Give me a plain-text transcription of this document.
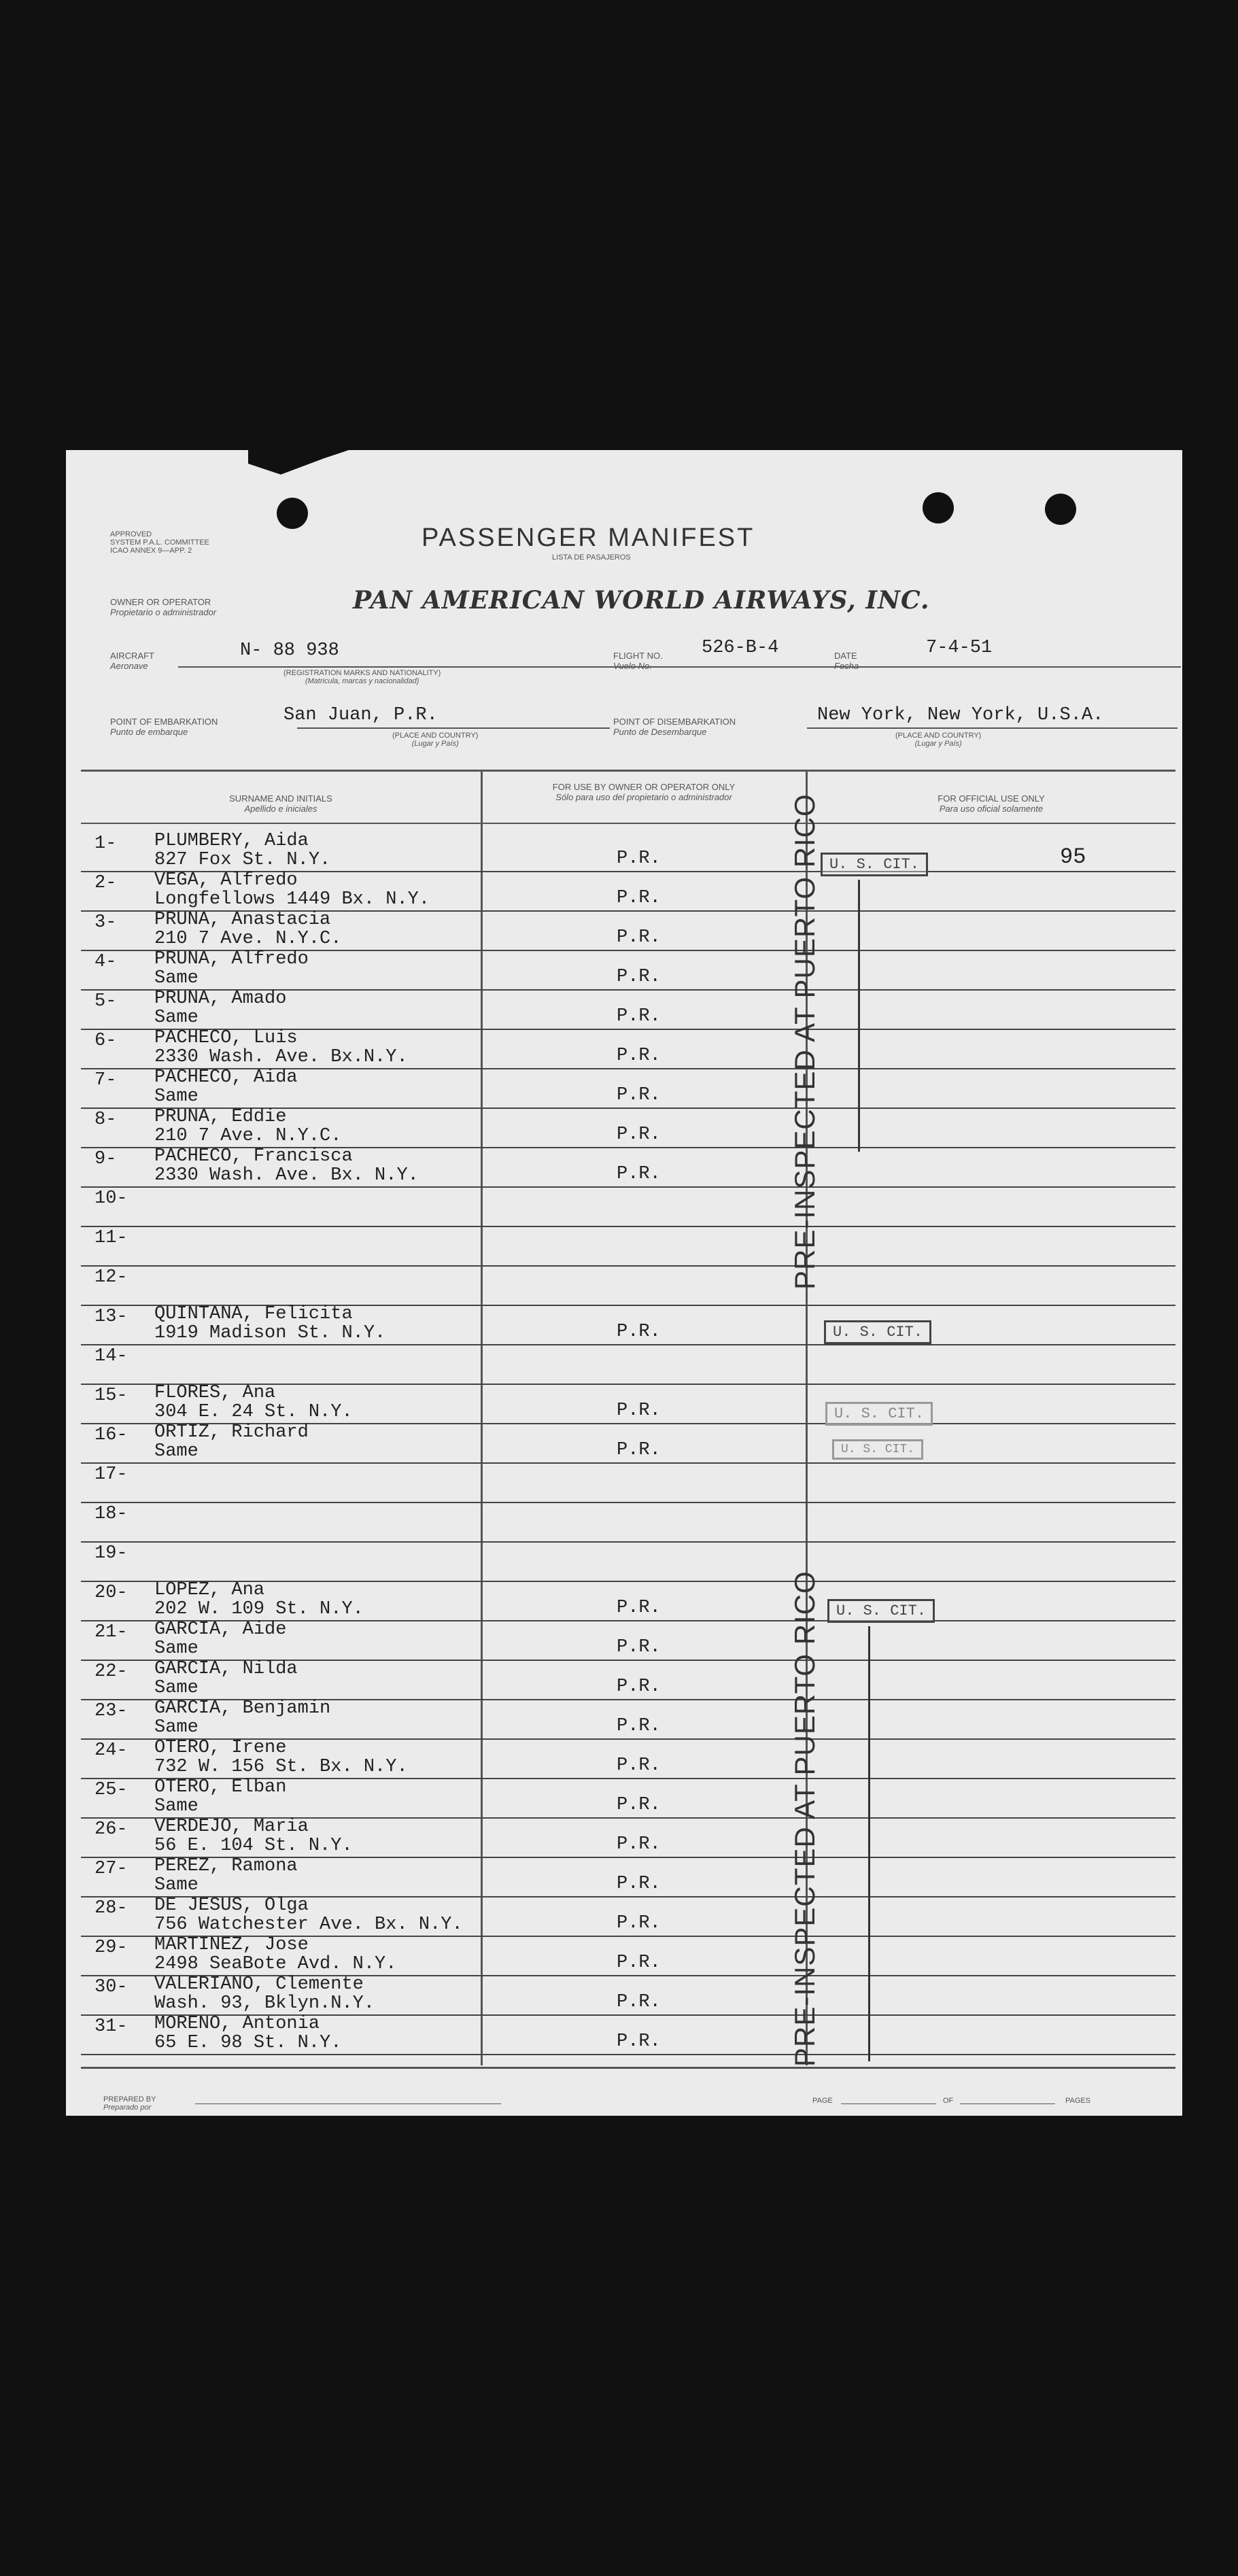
APPROVED
SYSTEM P.A.L. COMMITTEE
ICAO ANNEX 9—APP. 2	PASSENGER MANIFEST
LISTA DE PASAJEROS
OWNER OR OPERATOR
Propietario o administrador	PAN AMERICAN WORLD AIRWAYS, INC.
AIRCRAFT
Aeronave
N- 88 938
(REGISTRATION MARKS AND NATIONALITY)
(Matricula, marcas y nacionalidad)
FLIGHT NO.
Vuelo No.
526-B-4	DATE
Fecha
7-4-51
POINT OF EMBARKATION
Punto de embarque
San Juan, P.R.
(PLACE AND COUNTRY)
(Lugar y País)
POINT OF DISEMBARKATION
Punto de Desembarque
New York, New York, U.S.A.
(PLACE AND COUNTRY)
(Lugar y País)
SURNAME AND INITIALS
Apellido e iniciales
FOR USE BY OWNER OR OPERATOR ONLY
Sólo para uso del propietario o administrador	FOR OFFICIAL USE ONLY
Para uso oficial solamente
1- PLUMBERY, Aida
827 Fox St. N.Y.	P.R.
2- VEGA, Alfredo
Longfellows 1449 Bx. N.Y.	P.R.
3- PRUNA, Anastacia
210 7 Ave. N.Y.C.	P.R.
4- PRUNA, Alfredo
Same	P.R.
5- PRUNA, Amado
Same	P.R.
6- PACHECO, Luis
2330 Wash. Ave. Bx.N.Y.	P.R.
7- PACHECO, Aida
Same	P.R.
8- PRUNA, Eddie
210 7 Ave. N.Y.C.	P.R.
9- PACHECO, Francisca
2330 Wash. Ave. Bx. N.Y.	P.R.
10-
11-
12-
13- QUINTANA, Felicita
1919 Madison St. N.Y.	P.R.
14-
15- FLORES, Ana
304 E. 24 St. N.Y.	P.R.
16- ORTIZ, Richard
Same	P.R.
17-
18-
19-
20- LOPEZ, Ana
202 W. 109 St. N.Y.	P.R.
21- GARCIA, Aide
Same	P.R.
22- GARCIA, Nilda
Same	P.R.
23- GARCIA, Benjamin
Same	P.R.
24- OTERO, Irene
732 W. 156 St. Bx. N.Y.	P.R.
25- OTERO, Elban
Same	P.R.
26- VERDEJO, Maria
56 E. 104 St. N.Y.	P.R.
27- PEREZ, Ramona
Same	P.R.
28- DE JESUS, Olga
756 Watchester Ave. Bx. N.Y.	P.R.
29- MARTINEZ, Jose
2498 SeaBote Avd. N.Y.	P.R.
30- VALERIANO, Clemente
Wash. 93, Bklyn.N.Y.	P.R.
31- MORENO, Antonia
65 E. 98 St. N.Y.	P.R.
95
U. S. CIT.
U. S. CIT.
U. S. CIT.
U. S. CIT.
U. S. CIT.
PRE-INSPECTED AT PUERTO RICO
PRE-INSPECTED AT PUERTO RICO
PREPARED BY
Preparado por
PAGE	OF	PAGES
